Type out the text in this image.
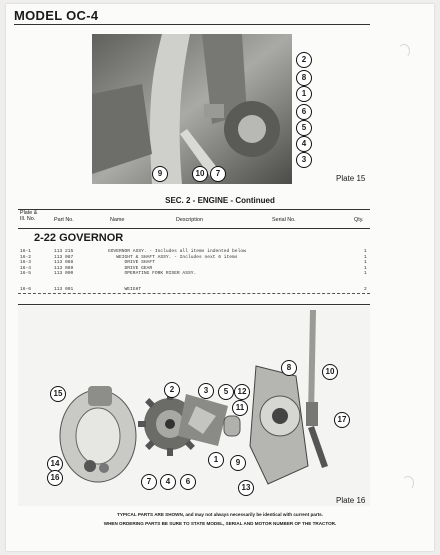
MODEL OC-4
2
8
1
6
5
4
3
9	10	7
Plate 15
SEC. 2 - ENGINE - Continued
Plate &
Ill. No.	Part No.	Name	Description	Serial No.	Qty.
2-22 GOVERNOR
16-1	113 215	GOVERNOR ASSY. - Includes all items indented below	1
16-2	113 087	WEIGHT & SHAFT ASSY. - Includes next 6 items	1
16-3	113 088	DRIVE SHAFT	1
16-4	113 089	DRIVE GEAR	1
16-5	113 090	OPERATING FORK RISER ASSY.	1
16-6	113 091	WEIGHT	2
15	2	3	5	12
8	10
11
17
14
16
1	9
13
7	4	6
Plate 16
TYPICAL PARTS ARE SHOWN, and may not always necessarily be identical with current parts.
WHEN ORDERING PARTS BE SURE TO STATE MODEL, SERIAL AND MOTOR NUMBER OF THE TRACTOR.
